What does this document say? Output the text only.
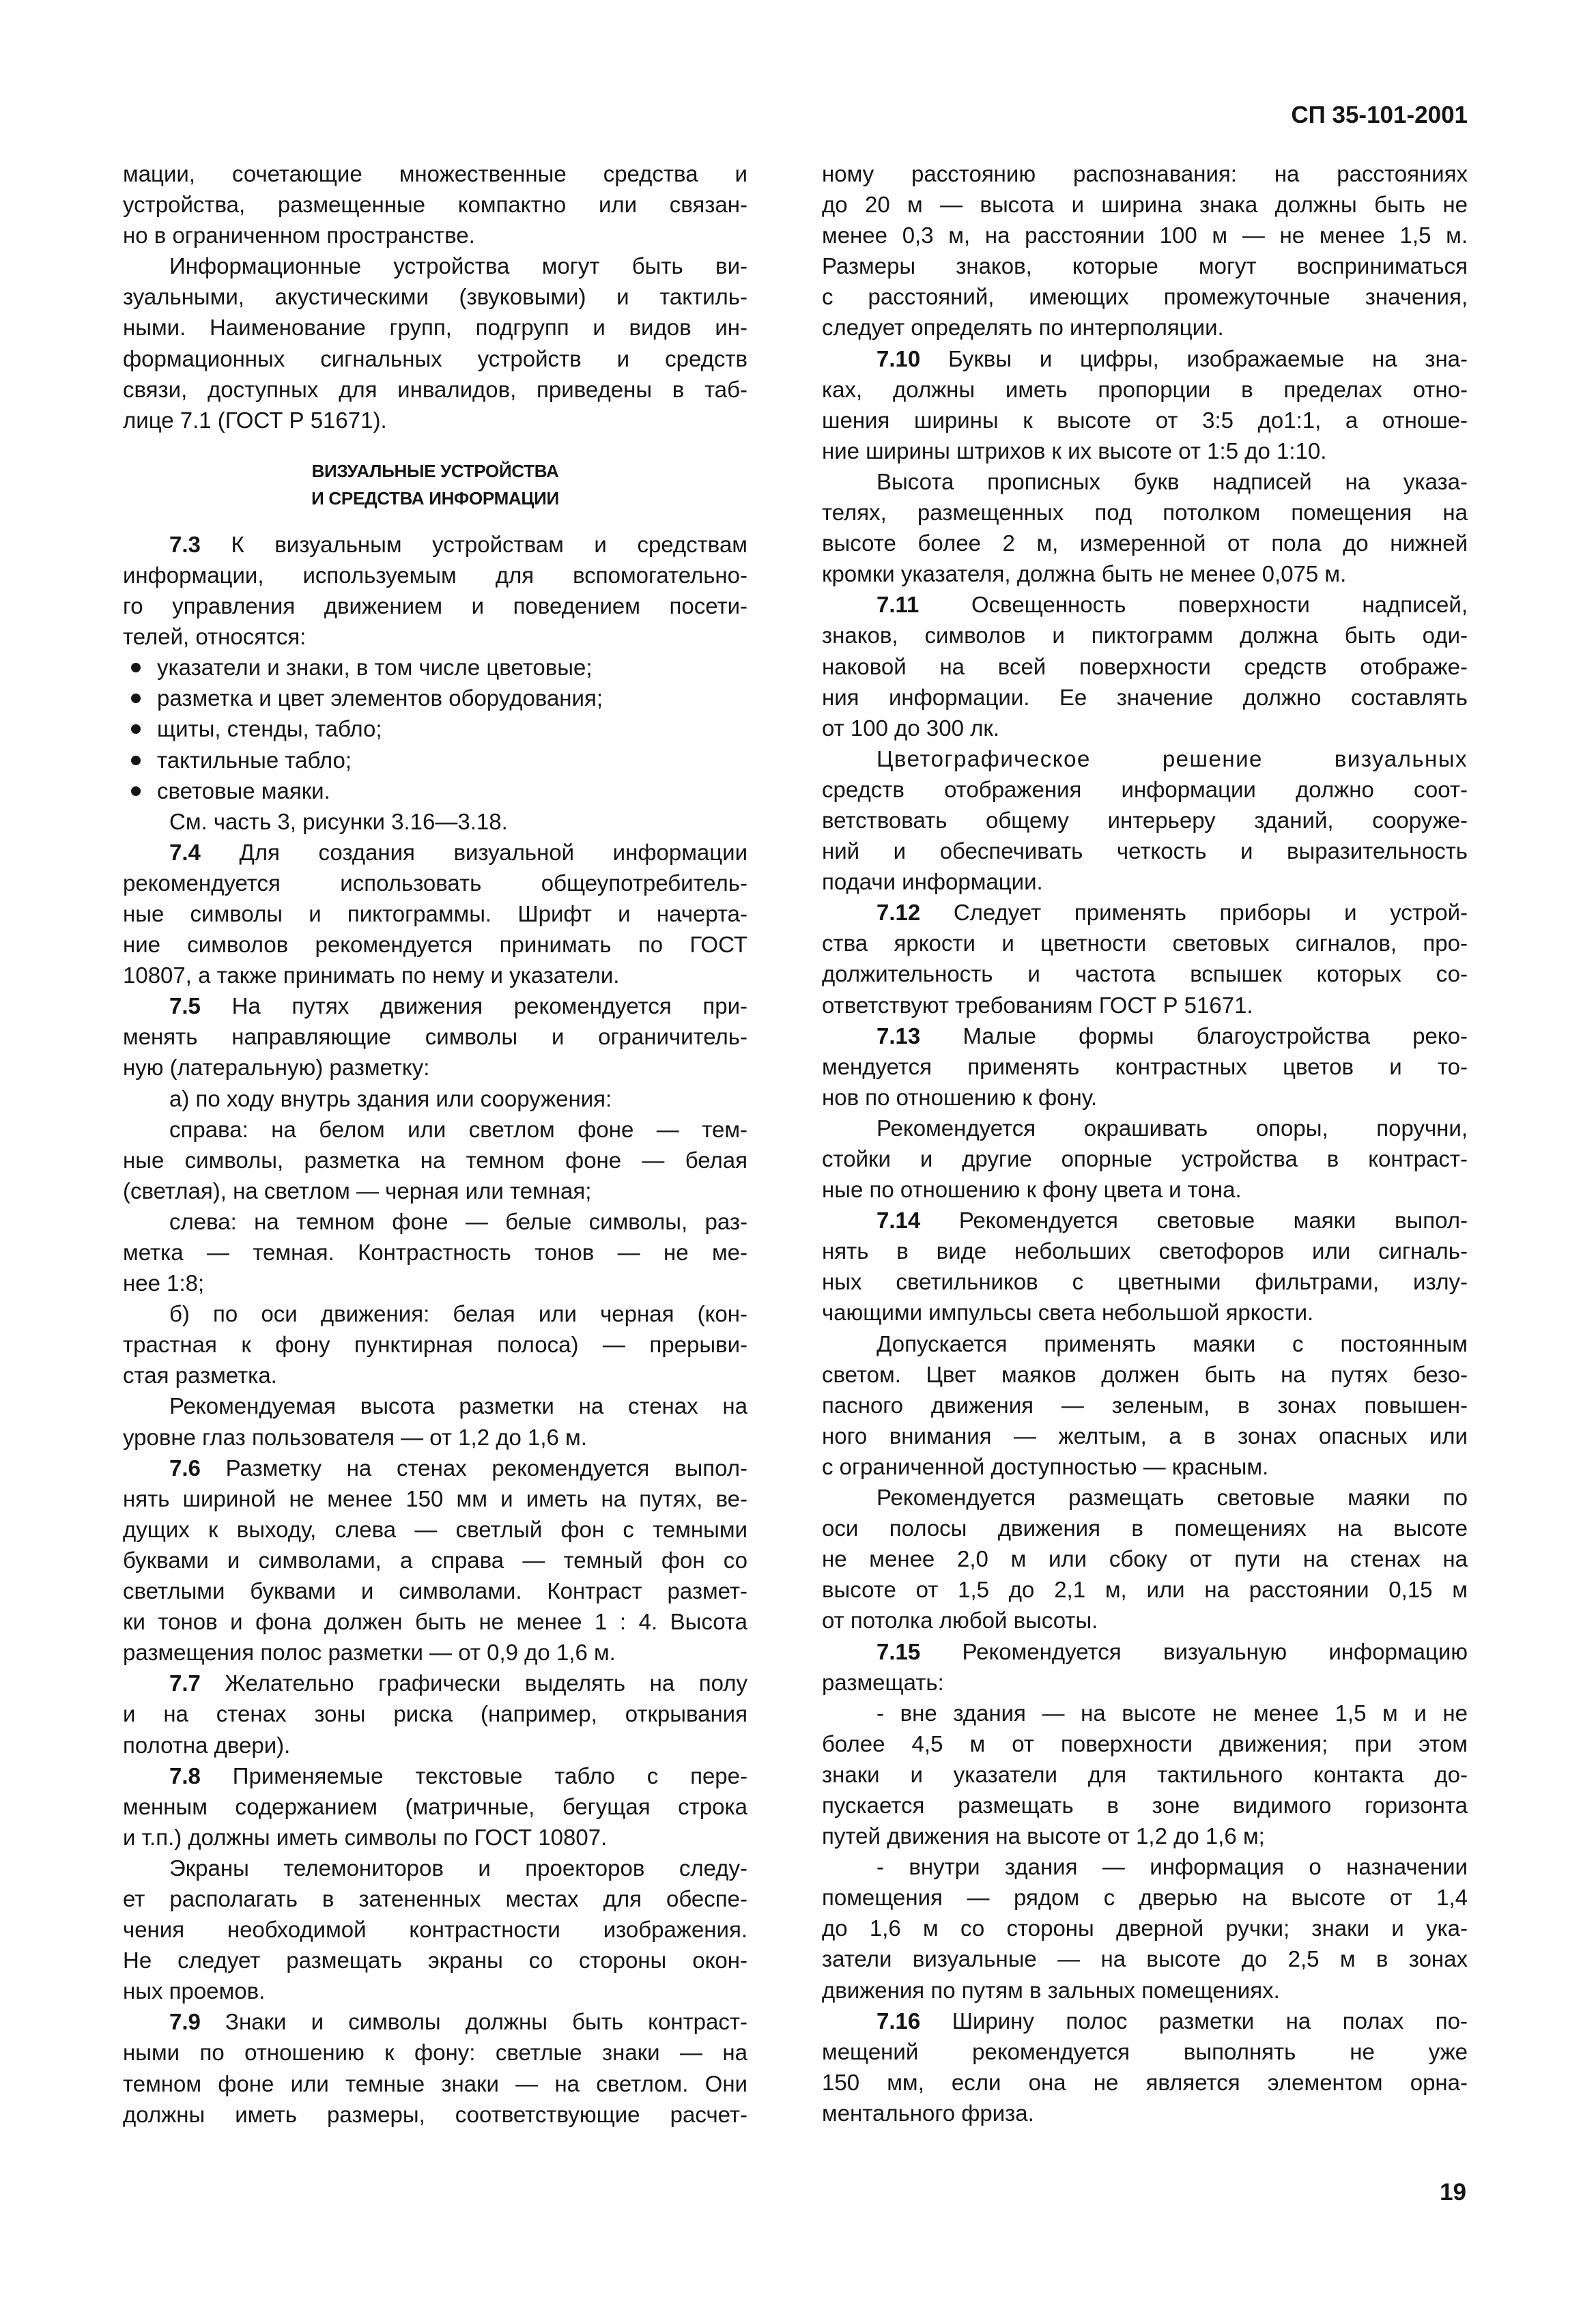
СП 35-101-2001
мации, сочетающие множественные средства и
устройства, размещенные компактно или связан-
но в ограниченном пространстве.
Информационные устройства могут быть ви-
зуальными, акустическими (звуковыми) и тактиль-
ными. Наименование групп, подгрупп и видов ин-
формационных сигнальных устройств и средств
связи, доступных для инвалидов, приведены в таб-
лице 7.1 (ГОСТ Р 51671).
ВИЗУАЛЬНЫЕ УСТРОЙСТВА
И СРЕДСТВА ИНФОРМАЦИИ
7.3 К визуальным устройствам и средствам
информации, используемым для вспомогательно-
го управления движением и поведением посети-
телей, относятся:
указатели и знаки, в том числе цветовые;
разметка и цвет элементов оборудования;
щиты, стенды, табло;
тактильные табло;
световые маяки.
См. часть 3, рисунки 3.16—3.18.
7.4 Для создания визуальной информации
рекомендуется использовать общеупотребитель-
ные символы и пиктограммы. Шрифт и начерта-
ние символов рекомендуется принимать по ГОСТ
10807, а также принимать по нему и указатели.
7.5 На путях движения рекомендуется при-
менять направляющие символы и ограничитель-
ную (латеральную) разметку:
а) по ходу внутрь здания или сооружения:
справа: на белом или светлом фоне — тем-
ные символы, разметка на темном фоне — белая
(светлая), на светлом — черная или темная;
слева: на темном фоне — белые символы, раз-
метка — темная. Контрастность тонов — не ме-
нее 1:8;
б) по оси движения: белая или черная (кон-
трастная к фону пунктирная полоса) — прерыви-
стая разметка.
Рекомендуемая высота разметки на стенах на
уровне глаз пользователя — от 1,2 до 1,6 м.
7.6 Разметку на стенах рекомендуется выпол-
нять шириной не менее 150 мм и иметь на путях, ве-
дущих к выходу, слева — светлый фон с темными
буквами и символами, а справа — темный фон со
светлыми буквами и символами. Контраст размет-
ки тонов и фона должен быть не менее 1 : 4. Высота
размещения полос разметки — от 0,9 до 1,6 м.
7.7 Желательно графически выделять на полу
и на стенах зоны риска (например, открывания
полотна двери).
7.8 Применяемые текстовые табло с пере-
менным содержанием (матричные, бегущая строка
и т.п.) должны иметь символы по ГОСТ 10807.
Экраны телемониторов и проекторов следу-
ет располагать в затененных местах для обеспе-
чения необходимой контрастности изображения.
Не следует размещать экраны со стороны окон-
ных проемов.
7.9 Знаки и символы должны быть контраст-
ными по отношению к фону: светлые знаки — на
темном фоне или темные знаки — на светлом. Они
должны иметь размеры, соответствующие расчет-
ному расстоянию распознавания: на расстояниях
до 20 м — высота и ширина знака должны быть не
менее 0,3 м, на расстоянии 100 м — не менее 1,5 м.
Размеры знаков, которые могут восприниматься
с расстояний, имеющих промежуточные значения,
следует определять по интерполяции.
7.10 Буквы и цифры, изображаемые на зна-
ках, должны иметь пропорции в пределах отно-
шения ширины к высоте от 3:5 до1:1, а отноше-
ние ширины штрихов к их высоте от 1:5 до 1:10.
Высота прописных букв надписей на указа-
телях, размещенных под потолком помещения на
высоте более 2 м, измеренной от пола до нижней
кромки указателя, должна быть не менее 0,075 м.
7.11 Освещенность поверхности надписей,
знаков, символов и пиктограмм должна быть оди-
наковой на всей поверхности средств отображе-
ния информации. Ее значение должно составлять
от 100 до 300 лк.
Цветографическое решение визуальных
средств отображения информации должно соот-
ветствовать общему интерьеру зданий, сооруже-
ний и обеспечивать четкость и выразительность
подачи информации.
7.12 Следует применять приборы и устрой-
ства яркости и цветности световых сигналов, про-
должительность и частота вспышек которых со-
ответствуют требованиям ГОСТ Р 51671.
7.13 Малые формы благоустройства реко-
мендуется применять контрастных цветов и то-
нов по отношению к фону.
Рекомендуется окрашивать опоры, поручни,
стойки и другие опорные устройства в контраст-
ные по отношению к фону цвета и тона.
7.14 Рекомендуется световые маяки выпол-
нять в виде небольших светофоров или сигналь-
ных светильников с цветными фильтрами, излу-
чающими импульсы света небольшой яркости.
Допускается применять маяки с постоянным
светом. Цвет маяков должен быть на путях безо-
пасного движения — зеленым, в зонах повышен-
ного внимания — желтым, а в зонах опасных или
с ограниченной доступностью — красным.
Рекомендуется размещать световые маяки по
оси полосы движения в помещениях на высоте
не менее 2,0 м или сбоку от пути на стенах на
высоте от 1,5 до 2,1 м, или на расстоянии 0,15 м
от потолка любой высоты.
7.15 Рекомендуется визуальную информацию
размещать:
- вне здания — на высоте не менее 1,5 м и не
более 4,5 м от поверхности движения; при этом
знаки и указатели для тактильного контакта до-
пускается размещать в зоне видимого горизонта
путей движения на высоте от 1,2 до 1,6 м;
- внутри здания — информация о назначении
помещения — рядом с дверью на высоте от 1,4
до 1,6 м со стороны дверной ручки; знаки и ука-
затели визуальные — на высоте до 2,5 м в зонах
движения по путям в зальных помещениях.
7.16 Ширину полос разметки на полах по-
мещений рекомендуется выполнять не уже
150 мм, если она не является элементом орна-
ментального фриза.
19
